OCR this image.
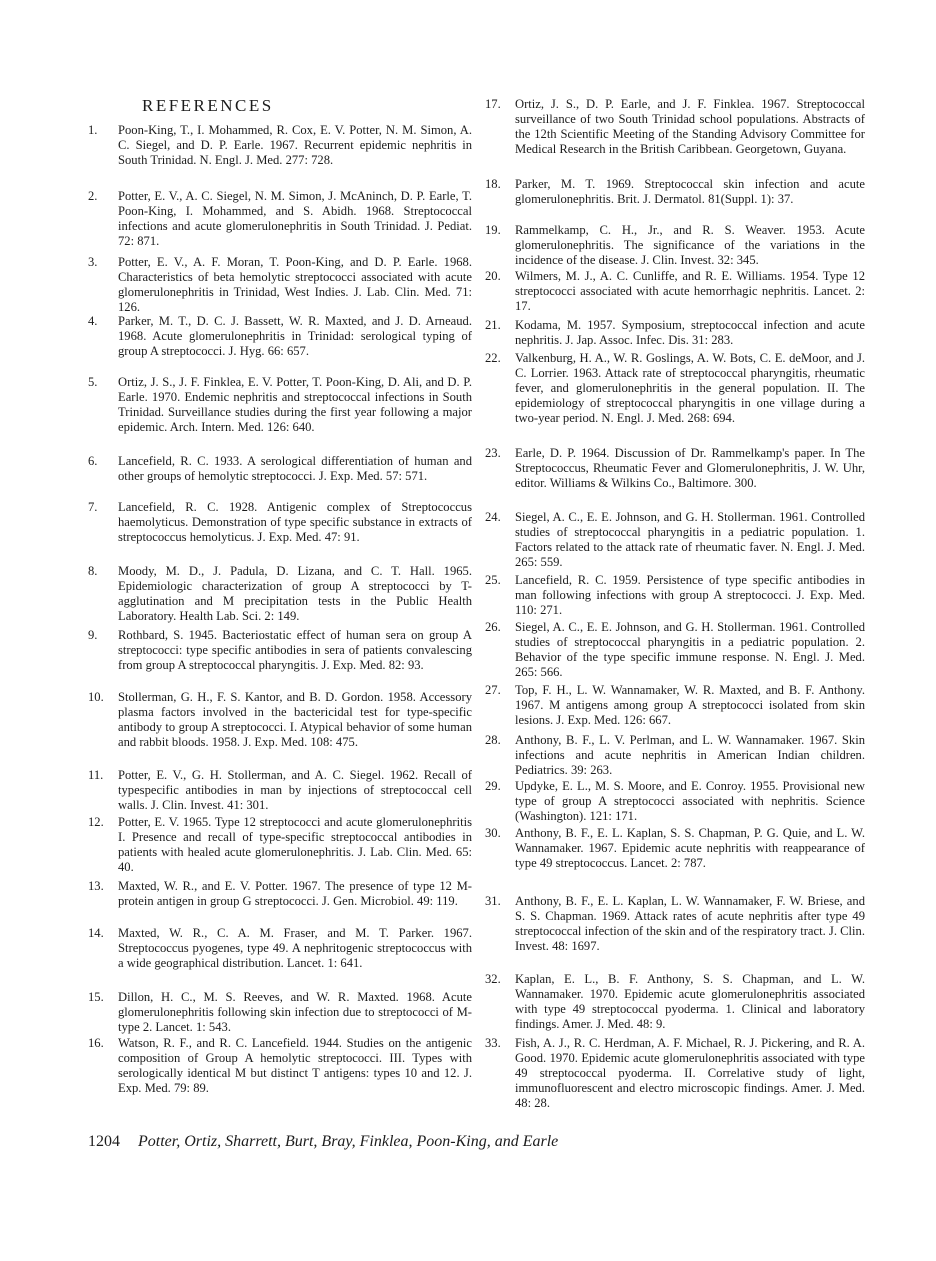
REFERENCES
1. Poon-King, T., I. Mohammed, R. Cox, E. V. Potter, N. M. Simon, A. C. Siegel, and D. P. Earle. 1967. Recurrent epidemic nephritis in South Trinidad. N. Engl. J. Med. 277: 728.
2. Potter, E. V., A. C. Siegel, N. M. Simon, J. McAninch, D. P. Earle, T. Poon-King, I. Mohammed, and S. Abidh. 1968. Streptococcal infections and acute glomerulonephritis in South Trinidad. J. Pediat. 72: 871.
3. Potter, E. V., A. F. Moran, T. Poon-King, and D. P. Earle. 1968. Characteristics of beta hemolytic streptococci associated with acute glomerulonephritis in Trinidad, West Indies. J. Lab. Clin. Med. 71: 126.
4. Parker, M. T., D. C. J. Bassett, W. R. Maxted, and J. D. Arneaud. 1968. Acute glomerulonephritis in Trinidad: serological typing of group A streptococci. J. Hyg. 66: 657.
5. Ortiz, J. S., J. F. Finklea, E. V. Potter, T. Poon-King, D. Ali, and D. P. Earle. 1970. Endemic nephritis and streptococcal infections in South Trinidad. Surveillance studies during the first year following a major epidemic. Arch. Intern. Med. 126: 640.
6. Lancefield, R. C. 1933. A serological differentiation of human and other groups of hemolytic streptococci. J. Exp. Med. 57: 571.
7. Lancefield, R. C. 1928. Antigenic complex of Streptococcus haemolyticus. Demonstration of type specific substance in extracts of streptococcus hemolyticus. J. Exp. Med. 47: 91.
8. Moody, M. D., J. Padula, D. Lizana, and C. T. Hall. 1965. Epidemiologic characterization of group A streptococci by T-agglutination and M precipitation tests in the Public Health Laboratory. Health Lab. Sci. 2: 149.
9. Rothbard, S. 1945. Bacteriostatic effect of human sera on group A streptococci: type specific antibodies in sera of patients convalescing from group A streptococcal pharyngitis. J. Exp. Med. 82: 93.
10. Stollerman, G. H., F. S. Kantor, and B. D. Gordon. 1958. Accessory plasma factors involved in the bactericidal test for type-specific antibody to group A streptococci. I. Atypical behavior of some human and rabbit bloods. 1958. J. Exp. Med. 108: 475.
11. Potter, E. V., G. H. Stollerman, and A. C. Siegel. 1962. Recall of typespecific antibodies in man by injections of streptococcal cell walls. J. Clin. Invest. 41: 301.
12. Potter, E. V. 1965. Type 12 streptococci and acute glomerulonephritis I. Presence and recall of type-specific streptococcal antibodies in patients with healed acute glomerulonephritis. J. Lab. Clin. Med. 65: 40.
13. Maxted, W. R., and E. V. Potter. 1967. The presence of type 12 M-protein antigen in group G streptococci. J. Gen. Microbiol. 49: 119.
14. Maxted, W. R., C. A. M. Fraser, and M. T. Parker. 1967. Streptococcus pyogenes, type 49. A nephritogenic streptococcus with a wide geographical distribution. Lancet. 1: 641.
15. Dillon, H. C., M. S. Reeves, and W. R. Maxted. 1968. Acute glomerulonephritis following skin infection due to streptococci of M-type 2. Lancet. 1: 543.
16. Watson, R. F., and R. C. Lancefield. 1944. Studies on the antigenic composition of Group A hemolytic streptococci. III. Types with serologically identical M but distinct T antigens: types 10 and 12. J. Exp. Med. 79: 89.
17. Ortiz, J. S., D. P. Earle, and J. F. Finklea. 1967. Streptococcal surveillance of two South Trinidad school populations. Abstracts of the 12th Scientific Meeting of the Standing Advisory Committee for Medical Research in the British Caribbean. Georgetown, Guyana.
18. Parker, M. T. 1969. Streptococcal skin infection and acute glomerulonephritis. Brit. J. Dermatol. 81(Suppl. 1): 37.
19. Rammelkamp, C. H., Jr., and R. S. Weaver. 1953. Acute glomerulonephritis. The significance of the variations in the incidence of the disease. J. Clin. Invest. 32: 345.
20. Wilmers, M. J., A. C. Cunliffe, and R. E. Williams. 1954. Type 12 streptococci associated with acute hemorrhagic nephritis. Lancet. 2: 17.
21. Kodama, M. 1957. Symposium, streptococcal infection and acute nephritis. J. Jap. Assoc. Infec. Dis. 31: 283.
22. Valkenburg, H. A., W. R. Goslings, A. W. Bots, C. E. deMoor, and J. C. Lorrier. 1963. Attack rate of streptococcal pharyngitis, rheumatic fever, and glomerulonephritis in the general population. II. The epidemiology of streptococcal pharyngitis in one village during a two-year period. N. Engl. J. Med. 268: 694.
23. Earle, D. P. 1964. Discussion of Dr. Rammelkamp's paper. In The Streptococcus, Rheumatic Fever and Glomerulonephritis, J. W. Uhr, editor. Williams & Wilkins Co., Baltimore. 300.
24. Siegel, A. C., E. E. Johnson, and G. H. Stollerman. 1961. Controlled studies of streptococcal pharyngitis in a pediatric population. 1. Factors related to the attack rate of rheumatic faver. N. Engl. J. Med. 265: 559.
25. Lancefield, R. C. 1959. Persistence of type specific antibodies in man following infections with group A streptococci. J. Exp. Med. 110: 271.
26. Siegel, A. C., E. E. Johnson, and G. H. Stollerman. 1961. Controlled studies of streptococcal pharyngitis in a pediatric population. 2. Behavior of the type specific immune response. N. Engl. J. Med. 265: 566.
27. Top, F. H., L. W. Wannamaker, W. R. Maxted, and B. F. Anthony. 1967. M antigens among group A streptococci isolated from skin lesions. J. Exp. Med. 126: 667.
28. Anthony, B. F., L. V. Perlman, and L. W. Wannamaker. 1967. Skin infections and acute nephritis in American Indian children. Pediatrics. 39: 263.
29. Updyke, E. L., M. S. Moore, and E. Conroy. 1955. Provisional new type of group A streptococci associated with nephritis. Science (Washington). 121: 171.
30. Anthony, B. F., E. L. Kaplan, S. S. Chapman, P. G. Quie, and L. W. Wannamaker. 1967. Epidemic acute nephritis with reappearance of type 49 streptococcus. Lancet. 2: 787.
31. Anthony, B. F., E. L. Kaplan, L. W. Wannamaker, F. W. Briese, and S. S. Chapman. 1969. Attack rates of acute nephritis after type 49 streptococcal infection of the skin and of the respiratory tract. J. Clin. Invest. 48: 1697.
32. Kaplan, E. L., B. F. Anthony, S. S. Chapman, and L. W. Wannamaker. 1970. Epidemic acute glomerulonephritis associated with type 49 streptococcal pyoderma. 1. Clinical and laboratory findings. Amer. J. Med. 48: 9.
33. Fish, A. J., R. C. Herdman, A. F. Michael, R. J. Pickering, and R. A. Good. 1970. Epidemic acute glomerulonephritis associated with type 49 streptococcal pyoderma. II. Correlative study of light, immunofluorescent and electro microscopic findings. Amer. J. Med. 48: 28.
1204 Potter, Ortiz, Sharrett, Burt, Bray, Finklea, Poon-King, and Earle
